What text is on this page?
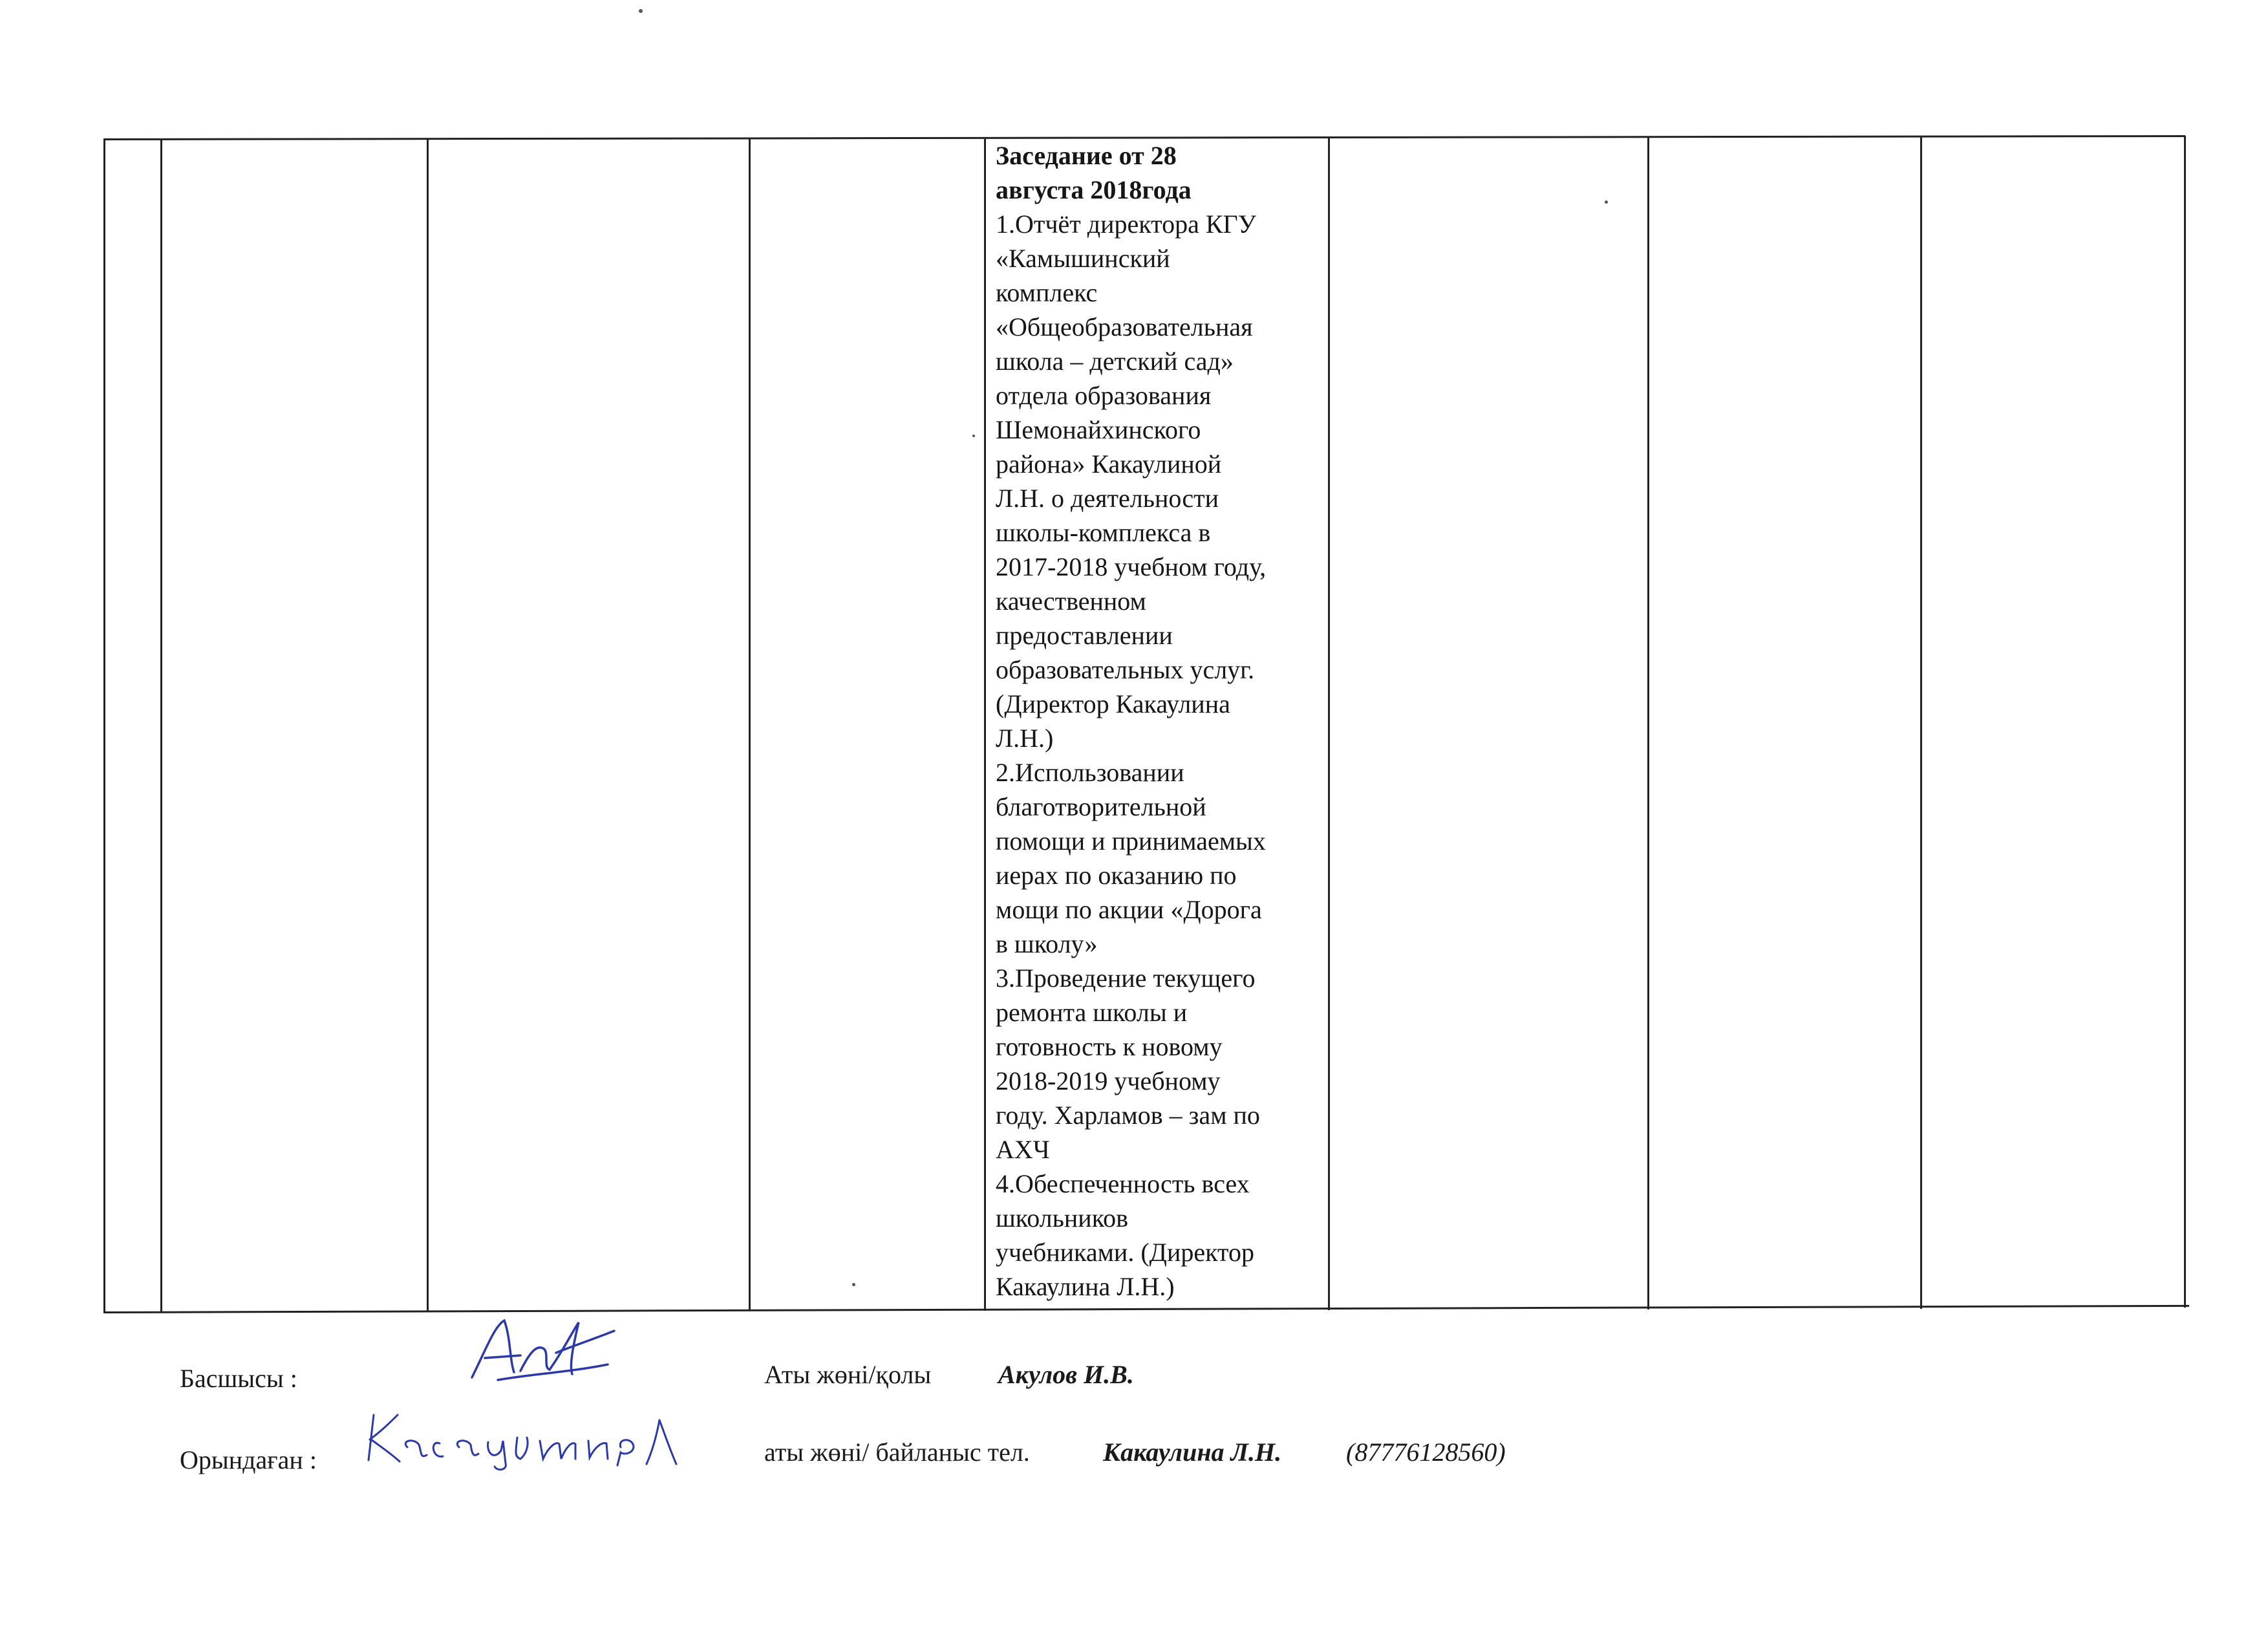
Заседание от 28
августа 2018года
1.Отчёт директора КГУ
«Камышинский
комплекс
«Общеобразовательная
школа – детский сад»
отдела образования
Шемонайхинского
района» Какаулиной
Л.Н. о деятельности
школы-комплекса в
2017-2018 учебном году,
качественном
предоставлении
образовательных услуг.
(Директор Какаулина
Л.Н.)
2.Использовании
благотворительной
помощи и принимаемых
иерах по оказанию по
мощи по акции «Дорога
в школу»
3.Проведение текущего
ремонта школы и
готовность к новому
2018-2019 учебному
году. Харламов – зам по
АХЧ
4.Обеспеченность всех
школьников
учебниками. (Директор
Какаулина Л.Н.)
Басшысы :	Аты жөні/қолы	Акулов И.В.
Орындаған :	аты жөні/ байланыс тел.	Какаулина Л.Н. (87776128560)
